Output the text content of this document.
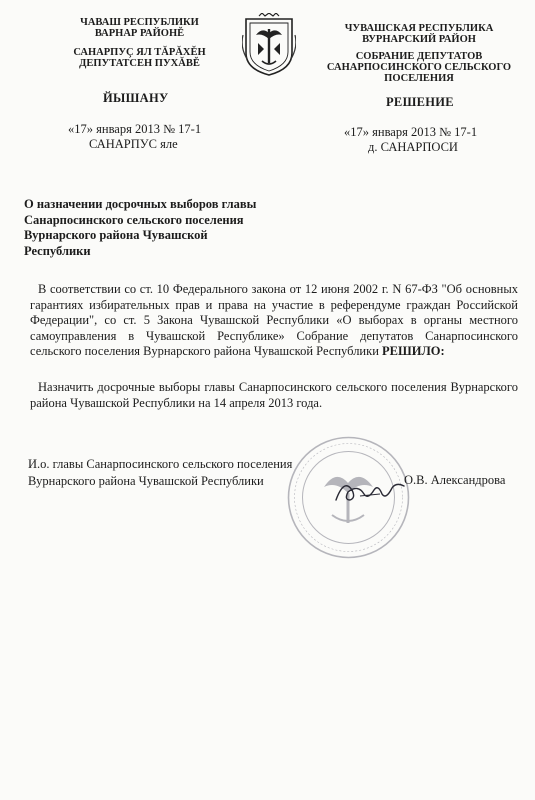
ЧАВАШ РЕСПУБЛИКИ
ВАРНАР РАЙОНĔ
САНАРПУÇ ЯЛ ТĂРĂХĔН
ДЕПУТАТСЕН ПУХĂВĔ
ЧУВАШСКАЯ РЕСПУБЛИКА
ВУРНАРСКИЙ РАЙОН
СОБРАНИЕ ДЕПУТАТОВ
САНАРПОСИНСКОГО СЕЛЬСКОГО
ПОСЕЛЕНИЯ
ЙЫШАНУ	РЕШЕНИЕ
«17» января 2013 № 17-1
САНАРПУС яле
«17» января 2013 № 17-1
д. САНАРПОСИ
О назначении досрочных выборов главы Санарпосинского сельского поселения Вурнарского района Чувашской Республики
В соответствии со ст. 10 Федерального закона от 12 июня 2002 г. N 67-ФЗ "Об основных гарантиях избирательных прав и права на участие в референдуме граждан Российской Федерации", со ст. 5 Закона Чувашской Республики «О выборах в органы местного самоуправления в Чувашской Республике» Собрание депутатов Санарпосинского сельского поселения Вурнарского района Чувашской Республики РЕШИЛО:
Назначить досрочные выборы главы Санарпосинского сельского поселения Вурнарского района Чувашской Республики на 14 апреля 2013 года.
И.о. главы Санарпосинского сельского поселения
Вурнарского района Чувашской Республики	О.В. Александрова
